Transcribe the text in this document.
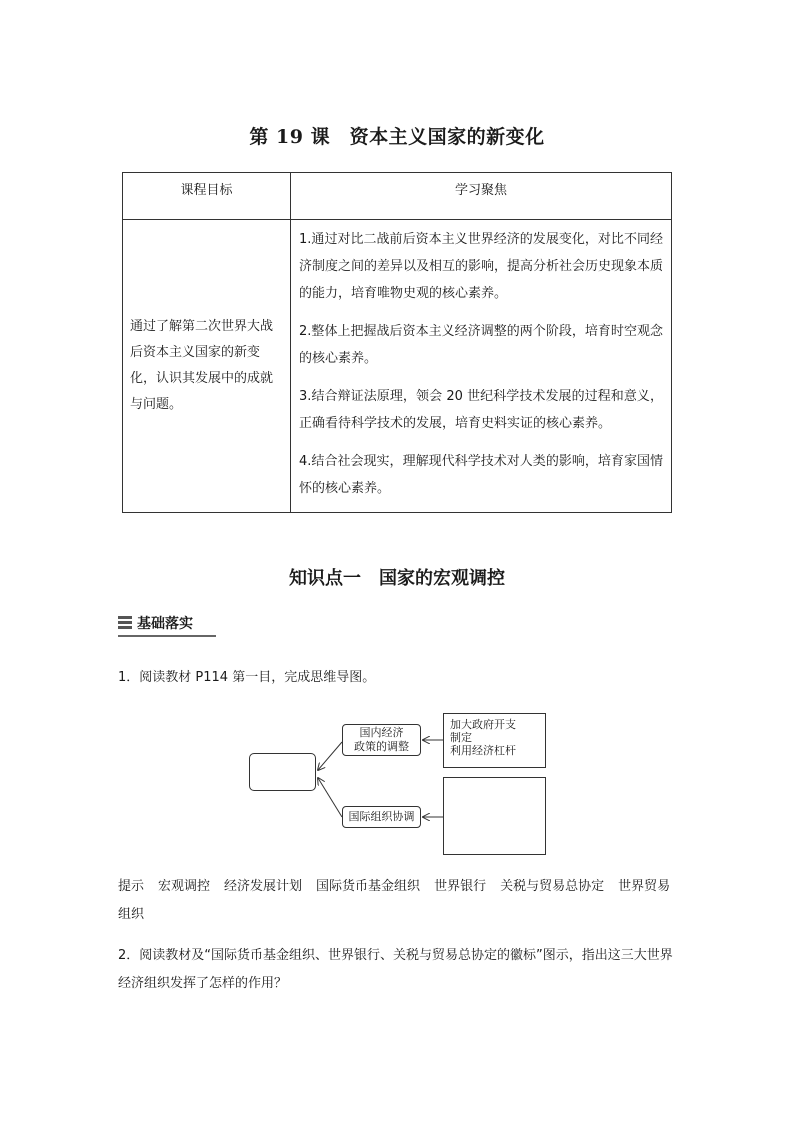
第 19 课　资本主义国家的新变化
课程目标	学习聚焦

通过了解第二次世界大战后资本主义国家的新变化，认识其发展中的成就与问题。	1.通过对比二战前后资本主义世界经济的发展变化，对比不同经济制度之间的差异以及相互的影响，提高分析社会历史现象本质的能力，培育唯物史观的核心素养。
2.整体上把握战后资本主义经济调整的两个阶段，培育时空观念的核心素养。
3.结合辩证法原理，领会 20 世纪科学技术发展的过程和意义，正确看待科学技术的发展，培育史料实证的核心素养。
4.结合社会现实，理解现代科学技术对人类的影响，培育家国情怀的核心素养。
知识点一　国家的宏观调控
基础落实
1．阅读教材 P114 第一目，完成思维导图。
国内经济
政策的调整
国际组织协调
加大政府开支
制定
利用经济杠杆
提示 宏观调控 经济发展计划 国际货币基金组织 世界银行 关税与贸易总协定 世界贸易组织
2．阅读教材及“国际货币基金组织、世界银行、关税与贸易总协定的徽标”图示，指出这三大世界经济组织发挥了怎样的作用？
